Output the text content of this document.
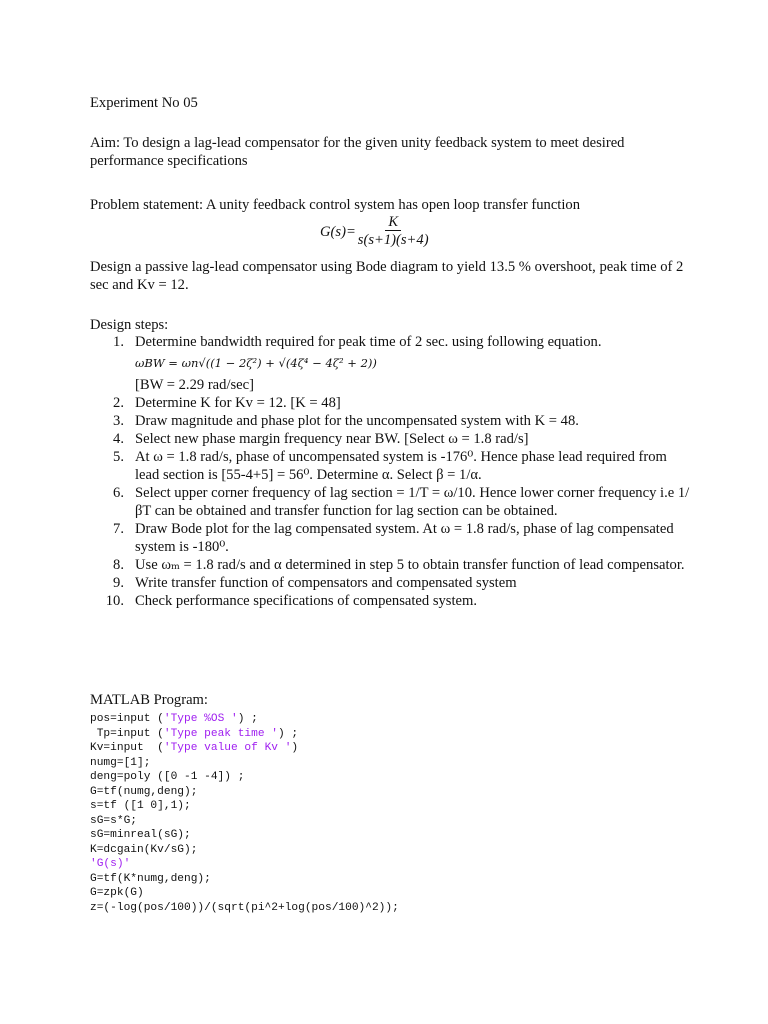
Experiment No 05

Aim: To design a lag-lead compensator for the given unity feedback system to meet desired performance specifications

Problem statement: A unity feedback control system has open loop transfer function

$G(s)= \frac{K}{s(s+1)(s+4)}$

Design a passive lag-lead compensator using Bode diagram to yield 13.5 % overshoot, peak time of 2 sec and Kv = 12.

Design steps:

1. Determine bandwidth required for peak time of 2 sec. using following equation.
ωBW = ωn√((1 − 2ζ²) + √(4ζ⁴ − 4ζ² + 2))
[BW = 2.29 rad/sec]
2. Determine K for Kv = 12. [K = 48]
3. Draw magnitude and phase plot for the uncompensated system with K = 48.
4. Select new phase margin frequency near BW. [Select ω = 1.8 rad/s]
5. At ω = 1.8 rad/s, phase of uncompensated system is -176⁰. Hence phase lead required from lead section is [55-4+5] = 56⁰. Determine α. Select β = 1/α.
6. Select upper corner frequency of lag section = 1/T = ω/10. Hence lower corner frequency i.e 1/βT can be obtained and transfer function for lag section can be obtained.
7. Draw Bode plot for the lag compensated system. At ω = 1.8 rad/s, phase of lag compensated system is -180⁰.
8. Use ωₘ = 1.8 rad/s and α determined in step 5 to obtain transfer function of lead compensator.
9. Write transfer function of compensators and compensated system
10. Check performance specifications of compensated system.

MATLAB Program:

pos=input ('Type %OS ') ;
Tp=input ('Type peak time ') ;
Kv=input  ('Type value of Kv ')
numg=[1];
deng=poly ([0 -1 -4]) ;
G=tf(numg,deng);
s=tf ([1 0],1);
sG=s*G;
sG=minreal(sG);
K=dcgain(Kv/sG);
'G(s)'
G=tf(K*numg,deng);
G=zpk(G)
z=(-log(pos/100))/(sqrt(pi^2+log(pos/100)^2));
